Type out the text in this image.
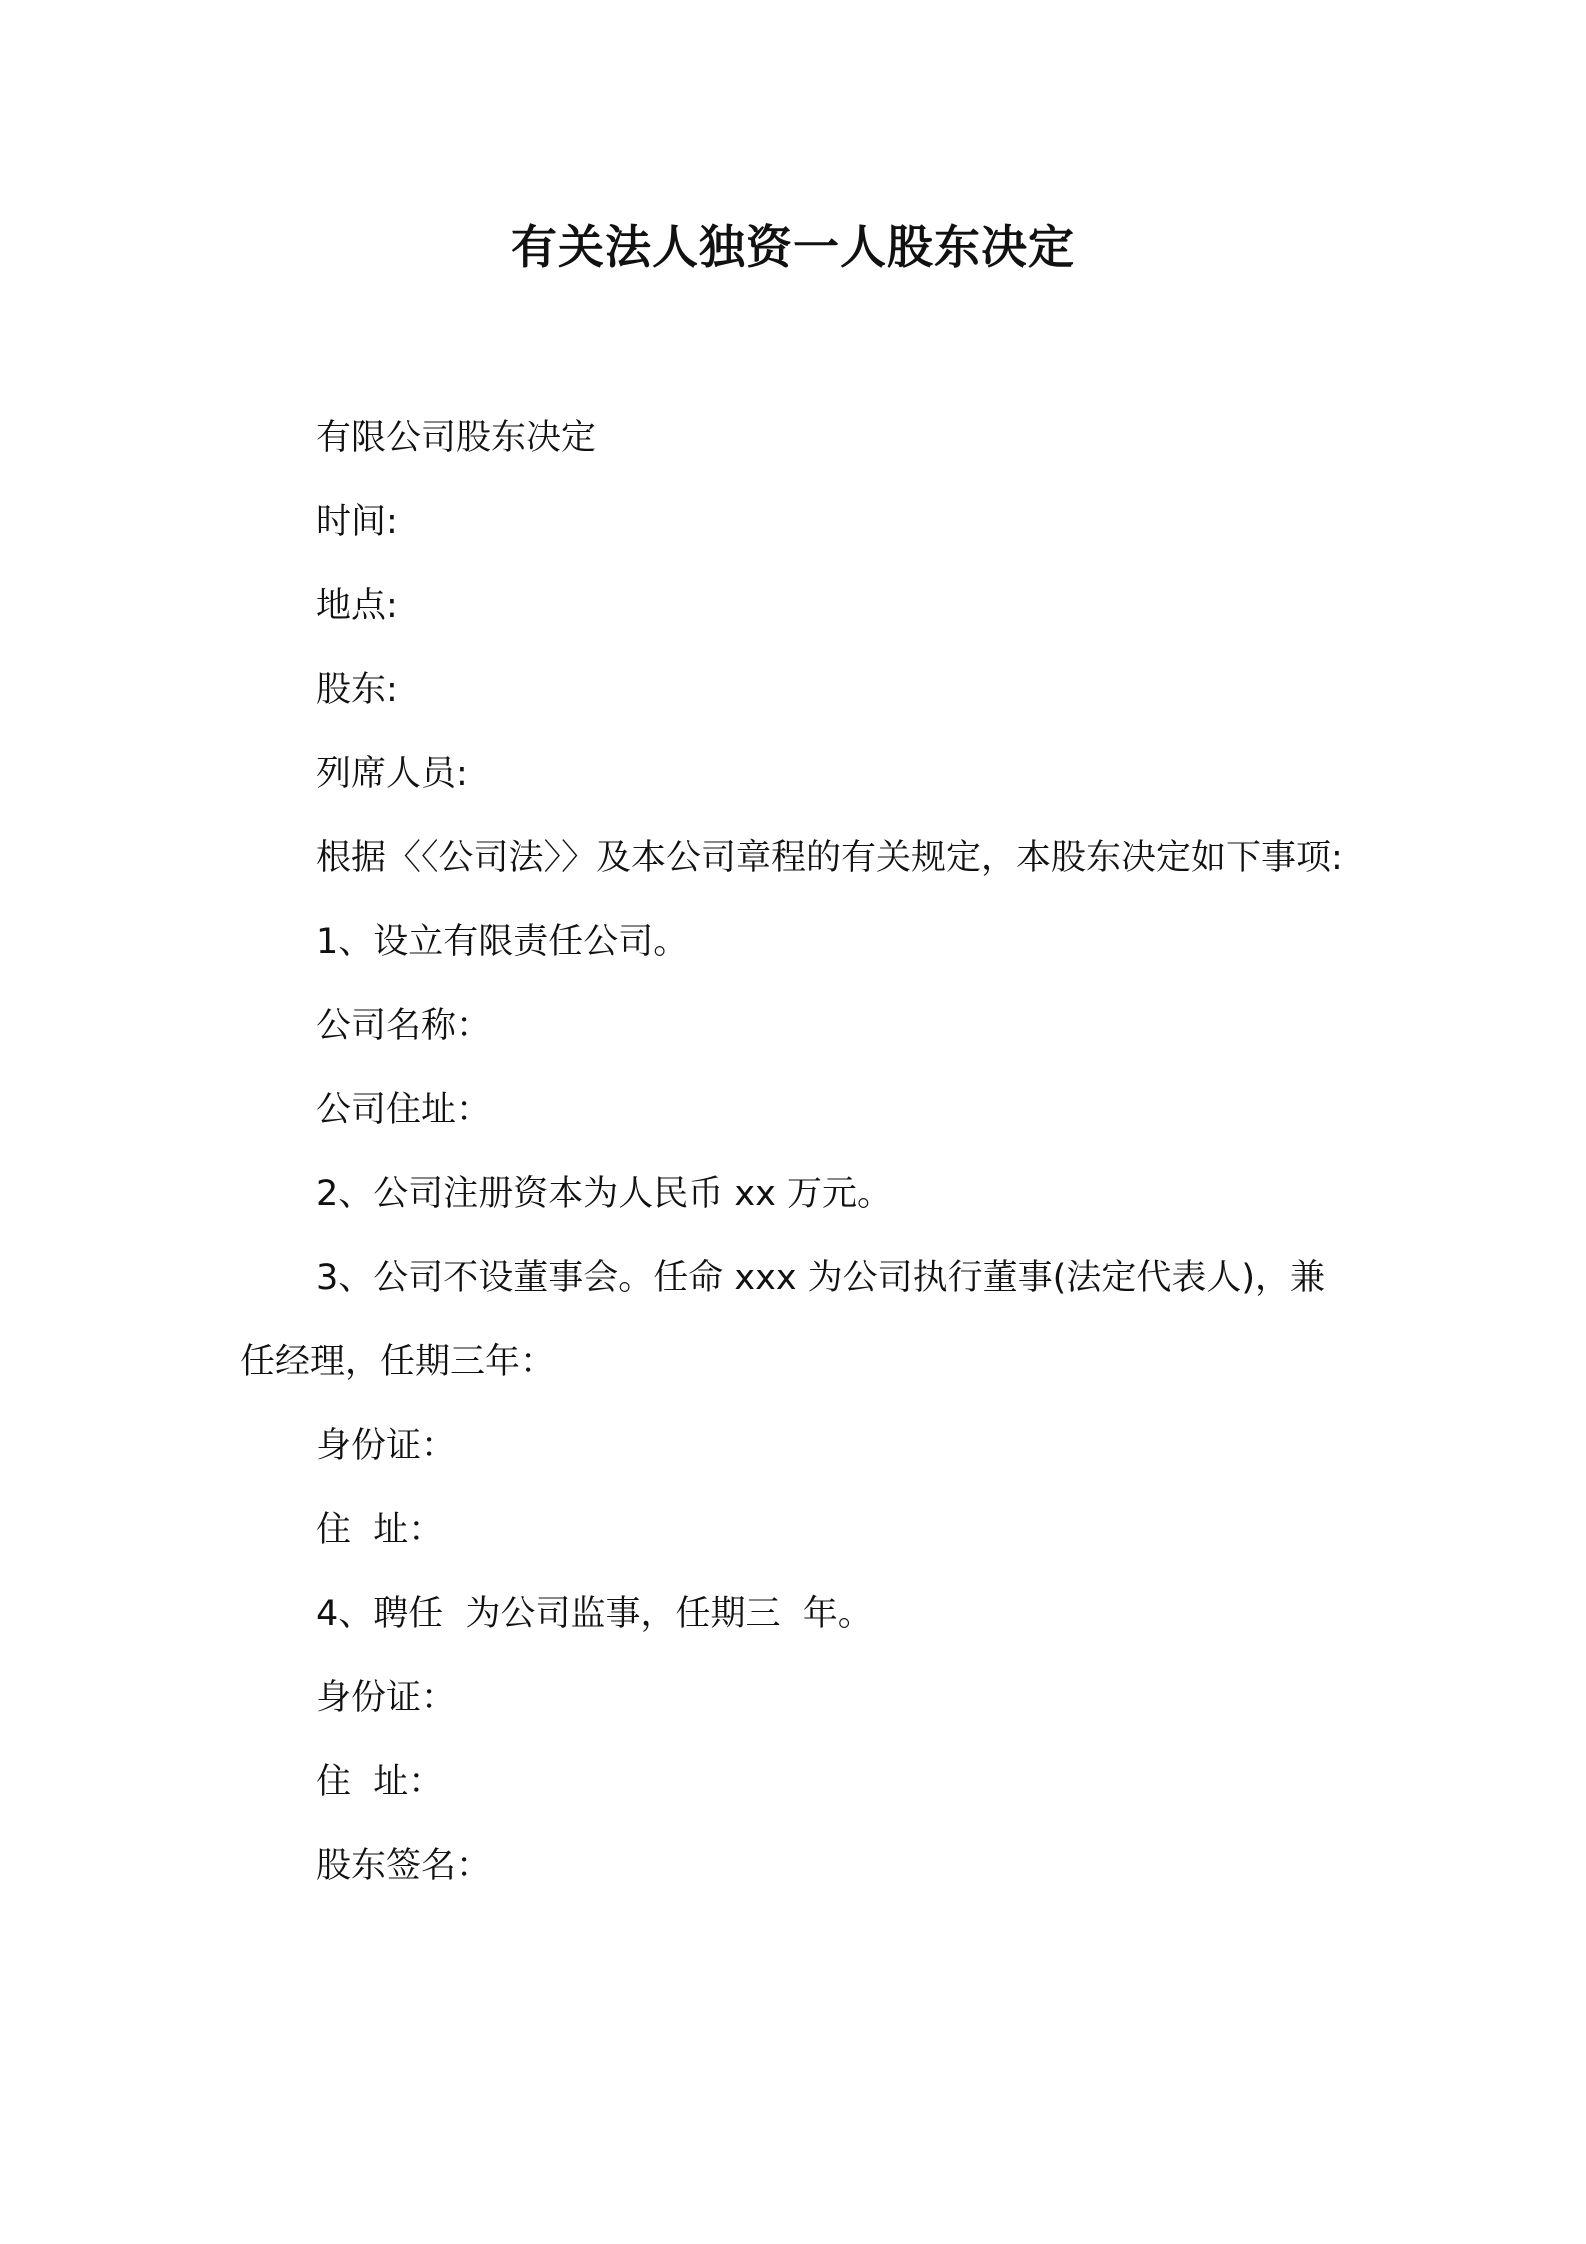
有关法人独资一人股东决定

有限公司股东决定

时间:

地点:

股东:

列席人员:

根据〈〈公司法〉〉及本公司章程的有关规定，本股东决定如下事项:

1、设立有限责任公司。

公司名称：

公司住址：

2、公司注册资本为人民币 xx 万元。

3、公司不设董事会。任命 xxx 为公司执行董事(法定代表人)，兼任经理，任期三年：

身份证：

住  址：

4、聘任  为公司监事，任期三  年。

身份证：

住  址：

股东签名：
